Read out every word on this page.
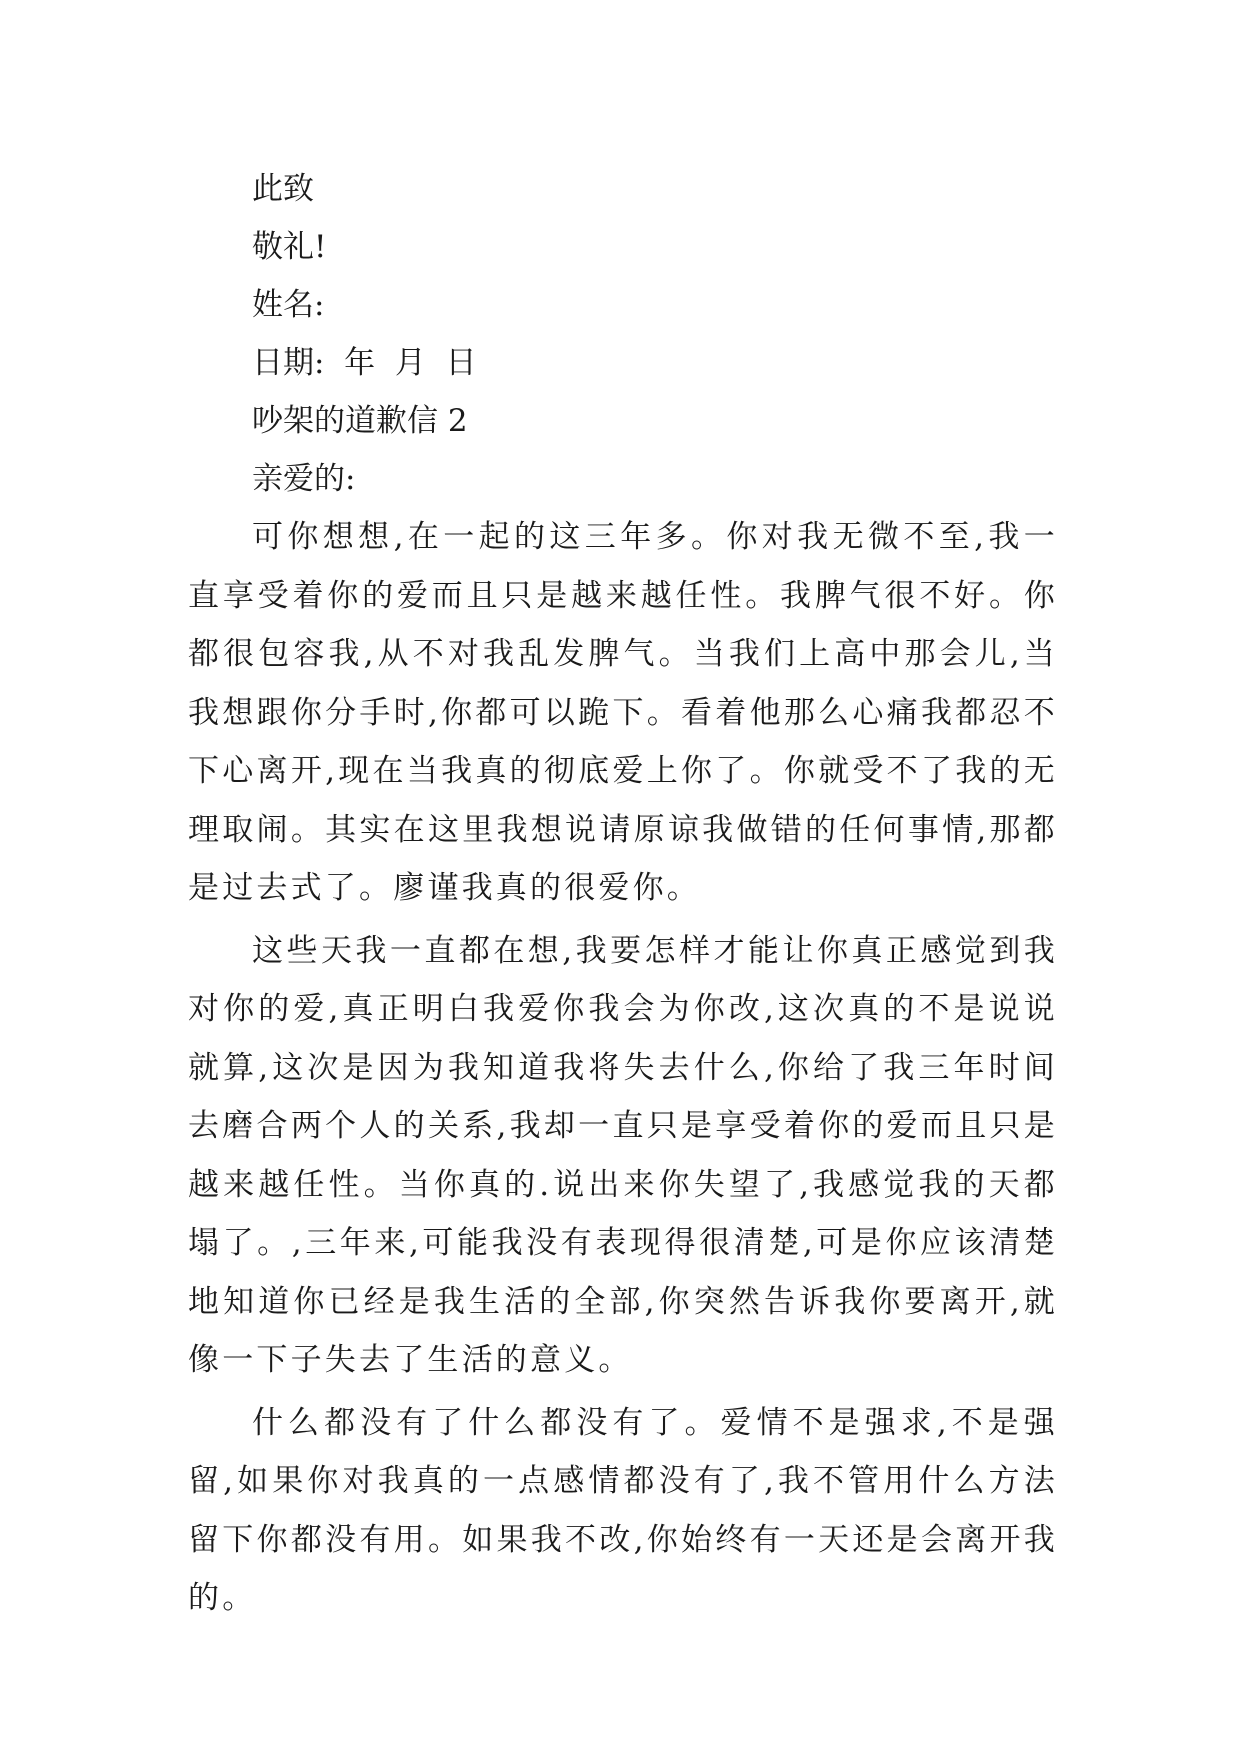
此致

敬礼!

姓名:

日期:  年  月  日

吵架的道歉信 2

亲爱的:

可你想想,在一起的这三年多。你对我无微不至,我一直享受着你的爱而且只是越来越任性。我脾气很不好。你都很包容我,从不对我乱发脾气。当我们上高中那会儿,当我想跟你分手时,你都可以跪下。看着他那么心痛我都忍不下心离开,现在当我真的彻底爱上你了。你就受不了我的无理取闹。其实在这里我想说请原谅我做错的任何事情,那都是过去式了。廖谨我真的很爱你。

这些天我一直都在想,我要怎样才能让你真正感觉到我对你的爱,真正明白我爱你我会为你改,这次真的不是说说就算,这次是因为我知道我将失去什么,你给了我三年时间去磨合两个人的关系,我却一直只是享受着你的爱而且只是越来越任性。当你真的.说出来你失望了,我感觉我的天都塌了。,三年来,可能我没有表现得很清楚,可是你应该清楚地知道你已经是我生活的全部,你突然告诉我你要离开,就像一下子失去了生活的意义。

什么都没有了什么都没有了。爱情不是强求,不是强留,如果你对我真的一点感情都没有了,我不管用什么方法留下你都没有用。如果我不改,你始终有一天还是会离开我的。
